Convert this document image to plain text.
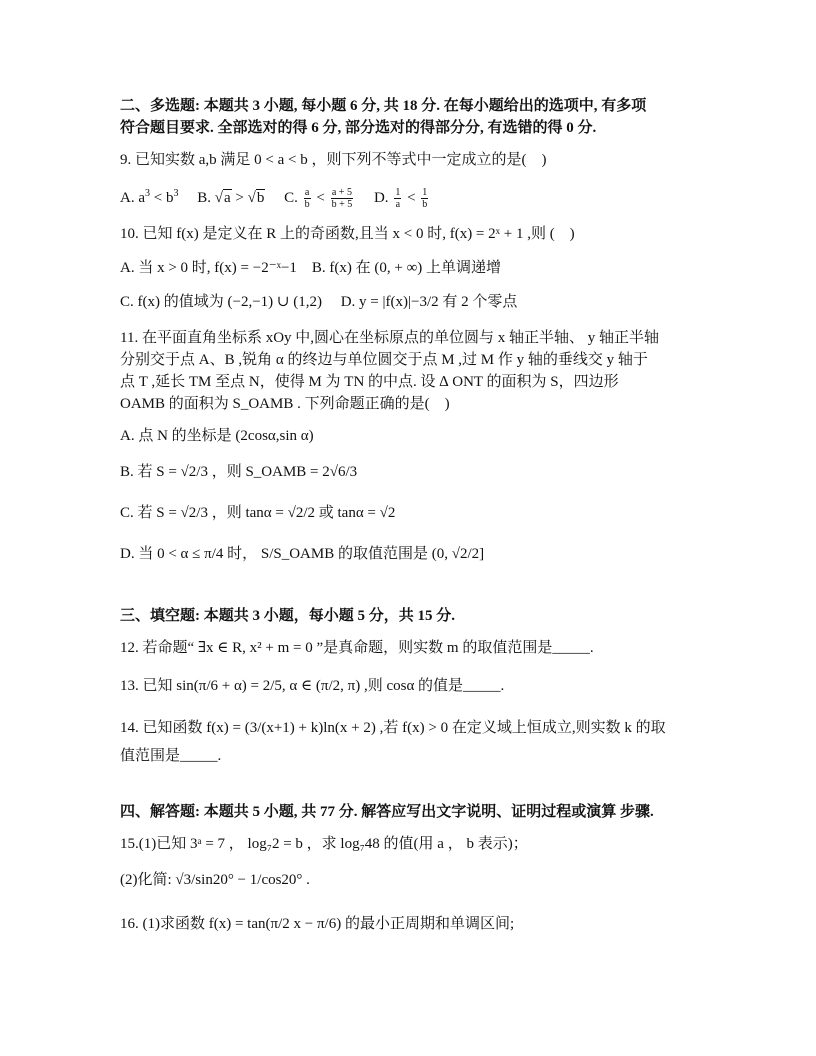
二、多选题: 本题共 3 小题, 每小题 6 分, 共 18 分. 在每小题给出的选项中, 有多项
符合题目要求. 全部选对的得 6 分, 部分选对的得部分分, 有选错的得 0 分.
9. 已知实数 a,b 满足 0 < a < b ，则下列不等式中一定成立的是(　)
A. $a^3 < b^3$ B. √a > √b C. $\frac{a}{b} < \frac{a + 5}{b + 5} D$. $\frac{1}{a} < \frac{1}{b}$
10. 已知 f(x) 是定义在 R 上的奇函数,且当 x < 0 时, f(x) = 2ˣ + 1 ,则 (　)
A. 当 x > 0 时, f(x) = −2⁻ˣ−1 B. f(x) 在 (0, + ∞) 上单调递增
C. f(x) 的值域为 (−2,−1) ∪ (1,2) D. y = |f(x)|−3/2 有 2 个零点
11. 在平面直角坐标系 xOy 中,圆心在坐标原点的单位圆与 x 轴正半轴、 y 轴正半轴
分别交于点 A、B ,锐角 α 的终边与单位圆交于点 M ,过 M 作 y 轴的垂线交 y 轴于
点 T ,延长 TM 至点 N，使得 M 为 TN 的中点. 设 ∆ ONT 的面积为 S，四边形
OAMB 的面积为 S_OAMB . 下列命题正确的是(　)
A. 点 N 的坐标是 (2cosα,sin α)
B. 若 S = √2/3 ，则 S_OAMB = 2√6/3
C. 若 S = √2/3 ，则 tanα = √2/2 或 tanα = √2
D. 当 0 < α ≤ π/4 时， S/S_OAMB 的取值范围是 (0, √2/2]
三、填空题: 本题共 3 小题，每小题 5 分，共 15 分.
12. 若命题“ ∃x ∈ R, x² + m = 0 ”是真命题，则实数 m 的取值范围是_____.
13. 已知 sin(π/6 + α) = 2/5, α ∈ (π/2, π) ,则 cosα 的值是_____.
14. 已知函数 f(x) = (3/(x+1) + k)ln(x + 2) ,若 f(x) > 0 在定义域上恒成立,则实数 k 的取
值范围是_____.
四、解答题: 本题共 5 小题, 共 77 分. 解答应写出文字说明、证明过程或演算 步骤.
15.(1)已知 3ᵃ = 7 ， log₇2 = b ，求 log₇48 的值(用 a ， b 表示)；
(2)化简: √3/sin20° − 1/cos20° .
16. (1)求函数 f(x) = tan(π/2 x − π/6) 的最小正周期和单调区间;
